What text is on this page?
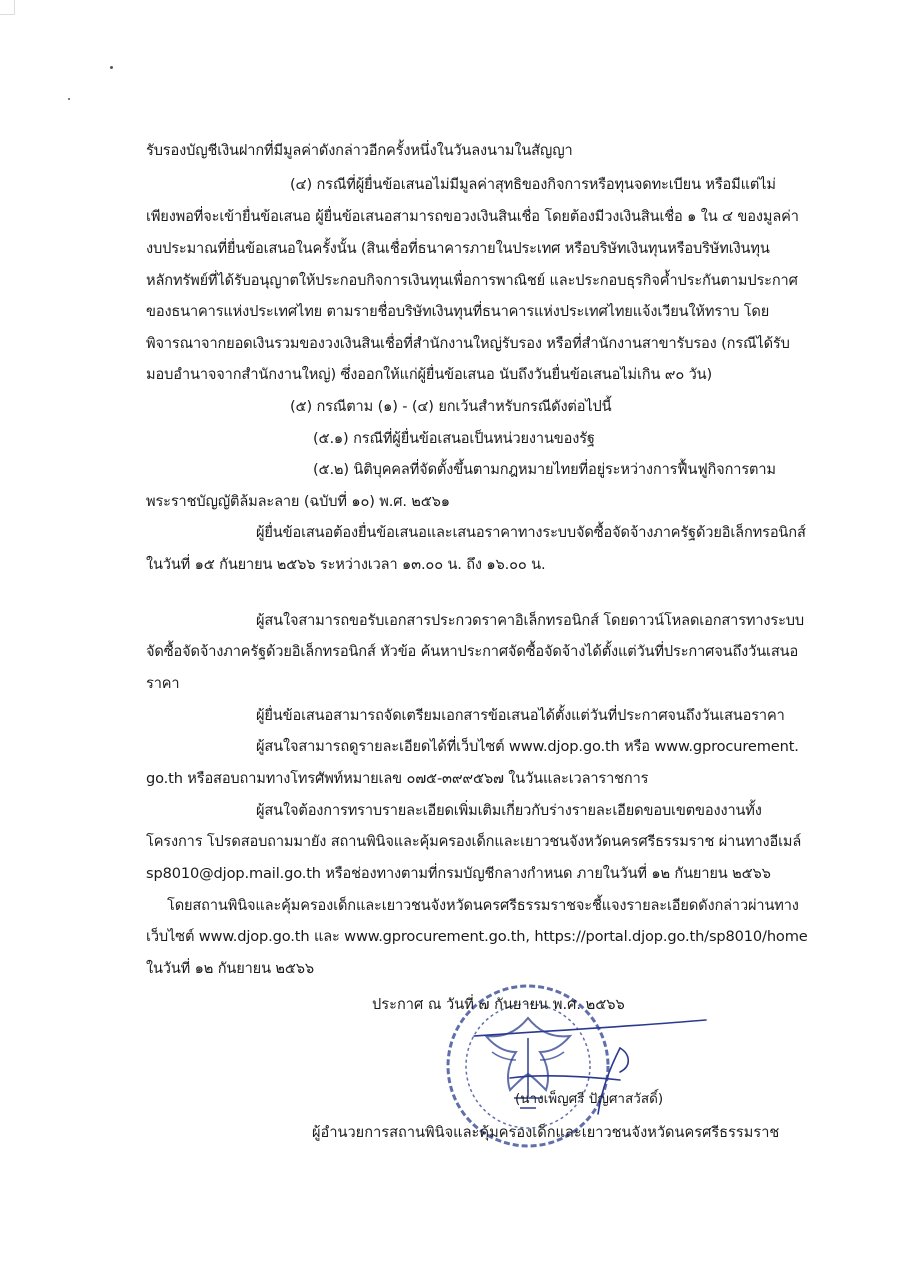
รับรองบัญชีเงินฝากที่มีมูลค่าดังกล่าวอีกครั้งหนึ่งในวันลงนามในสัญญา
(๔) กรณีที่ผู้ยื่นข้อเสนอไม่มีมูลค่าสุทธิของกิจการหรือทุนจดทะเบียน หรือมีแต่ไม่
เพียงพอที่จะเข้ายื่นข้อเสนอ ผู้ยื่นข้อเสนอสามารถขอวงเงินสินเชื่อ โดยต้องมีวงเงินสินเชื่อ ๑ ใน ๔ ของมูลค่า
งบประมาณที่ยื่นข้อเสนอในครั้งนั้น (สินเชื่อที่ธนาคารภายในประเทศ หรือบริษัทเงินทุนหรือบริษัทเงินทุน
หลักทรัพย์ที่ได้รับอนุญาตให้ประกอบกิจการเงินทุนเพื่อการพาณิชย์ และประกอบธุรกิจค้ำประกันตามประกาศ
ของธนาคารแห่งประเทศไทย ตามรายชื่อบริษัทเงินทุนที่ธนาคารแห่งประเทศไทยแจ้งเวียนให้ทราบ โดย
พิจารณาจากยอดเงินรวมของวงเงินสินเชื่อที่สำนักงานใหญ่รับรอง หรือที่สำนักงานสาขารับรอง (กรณีได้รับ
มอบอำนาจจากสำนักงานใหญ่) ซึ่งออกให้แก่ผู้ยื่นข้อเสนอ นับถึงวันยื่นข้อเสนอไม่เกิน ๙๐ วัน)
(๕) กรณีตาม (๑) - (๔) ยกเว้นสำหรับกรณีดังต่อไปนี้
(๕.๑) กรณีที่ผู้ยื่นข้อเสนอเป็นหน่วยงานของรัฐ
(๕.๒) นิติบุคคลที่จัดตั้งขึ้นตามกฎหมายไทยที่อยู่ระหว่างการฟื้นฟูกิจการตาม
พระราชบัญญัติล้มละลาย (ฉบับที่ ๑๐) พ.ศ. ๒๕๖๑
ผู้ยื่นข้อเสนอต้องยื่นข้อเสนอและเสนอราคาทางระบบจัดซื้อจัดจ้างภาครัฐด้วยอิเล็กทรอนิกส์
ในวันที่ ๑๕ กันยายน ๒๕๖๖ ระหว่างเวลา ๑๓.๐๐ น. ถึง ๑๖.๐๐ น.
ผู้สนใจสามารถขอรับเอกสารประกวดราคาอิเล็กทรอนิกส์ โดยดาวน์โหลดเอกสารทางระบบ
จัดซื้อจัดจ้างภาครัฐด้วยอิเล็กทรอนิกส์ หัวข้อ ค้นหาประกาศจัดซื้อจัดจ้างได้ตั้งแต่วันที่ประกาศจนถึงวันเสนอ
ราคา
ผู้ยื่นข้อเสนอสามารถจัดเตรียมเอกสารข้อเสนอได้ตั้งแต่วันที่ประกาศจนถึงวันเสนอราคา
ผู้สนใจสามารถดูรายละเอียดได้ที่เว็บไซต์ www.djop.go.th หรือ www.gprocurement.
go.th หรือสอบถามทางโทรศัพท์หมายเลข ๐๗๕-๓๙๙๕๖๗ ในวันและเวลาราชการ
ผู้สนใจต้องการทราบรายละเอียดเพิ่มเติมเกี่ยวกับร่างรายละเอียดขอบเขตของงานทั้ง
โครงการ โปรดสอบถามมายัง สถานพินิจและคุ้มครองเด็กและเยาวชนจังหวัดนครศรีธรรมราช ผ่านทางอีเมล์
sp8010@djop.mail.go.th หรือช่องทางตามที่กรมบัญชีกลางกำหนด ภายในวันที่ ๑๒ กันยายน ๒๕๖๖
โดยสถานพินิจและคุ้มครองเด็กและเยาวชนจังหวัดนครศรีธรรมราชจะชี้แจงรายละเอียดดังกล่าวผ่านทาง
เว็บไซต์ www.djop.go.th และ www.gprocurement.go.th, https://portal.djop.go.th/sp8010/home
ในวันที่ ๑๒ กันยายน ๒๕๖๖
ประกาศ ณ วันที่ ๗ กันยายน พ.ศ. ๒๕๖๖
(นางเพ็ญศรี ปัญศาสวัสดิ์)
ผู้อำนวยการสถานพินิจและคุ้มครองเด็กและเยาวชนจังหวัดนครศรีธรรมราช
